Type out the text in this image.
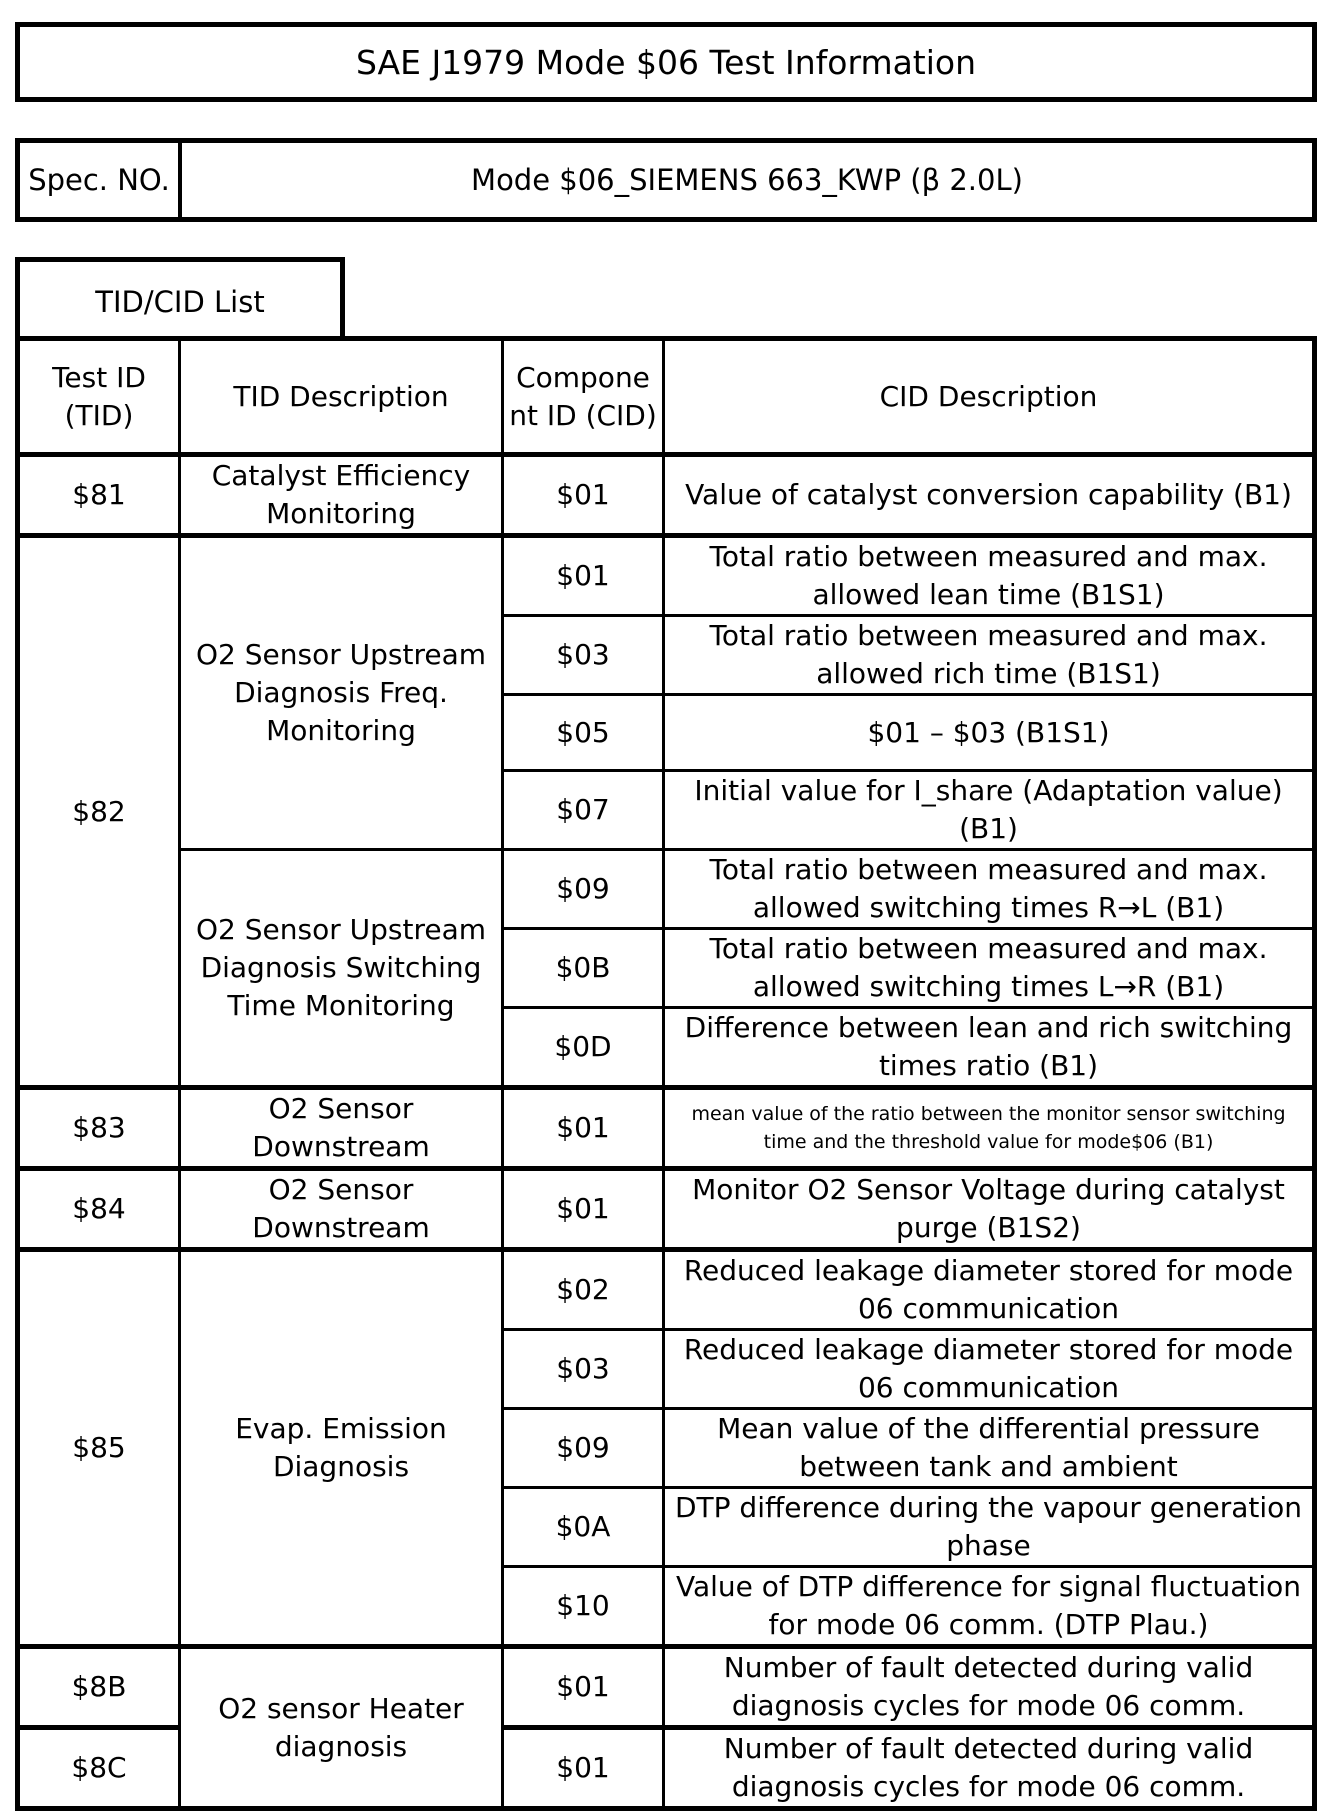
SAE J1979 Mode $06 Test Information
Spec. NO.	Mode $06_SIEMENS 663_KWP (β 2.0L)
TID/CID List
Test ID (TID)	TID Description	Compone nt ID (CID)	CID Description
$81	Catalyst Efficiency Monitoring	$01	Value of catalyst conversion capability (B1)
$82	O2 Sensor Upstream Diagnosis Freq. Monitoring	$01	Total ratio between measured and max. allowed lean time (B1S1)
		$03	Total ratio between measured and max. allowed rich time (B1S1)
		$05	$01 – $03 (B1S1)
		$07	Initial value for I_share (Adaptation value) (B1)
	O2 Sensor Upstream Diagnosis Switching Time Monitoring	$09	Total ratio between measured and max. allowed switching times R→L (B1)
		$0B	Total ratio between measured and max. allowed switching times L→R (B1)
		$0D	Difference between lean and rich switching times ratio (B1)
$83	O2 Sensor Downstream	$01	mean value of the ratio between the monitor sensor switching time and the threshold value for mode$06 (B1)
$84	O2 Sensor Downstream	$01	Monitor O2 Sensor Voltage during catalyst purge (B1S2)
$85	Evap. Emission Diagnosis	$02	Reduced leakage diameter stored for mode 06 communication
		$03	Reduced leakage diameter stored for mode 06 communication
		$09	Mean value of the differential pressure between tank and ambient
		$0A	DTP difference during the vapour generation phase
		$10	Value of DTP difference for signal fluctuation for mode 06 comm. (DTP Plau.)
$8B	O2 sensor Heater diagnosis	$01	Number of fault detected during valid diagnosis cycles for mode 06 comm.
$8C		$01	Number of fault detected during valid diagnosis cycles for mode 06 comm.
